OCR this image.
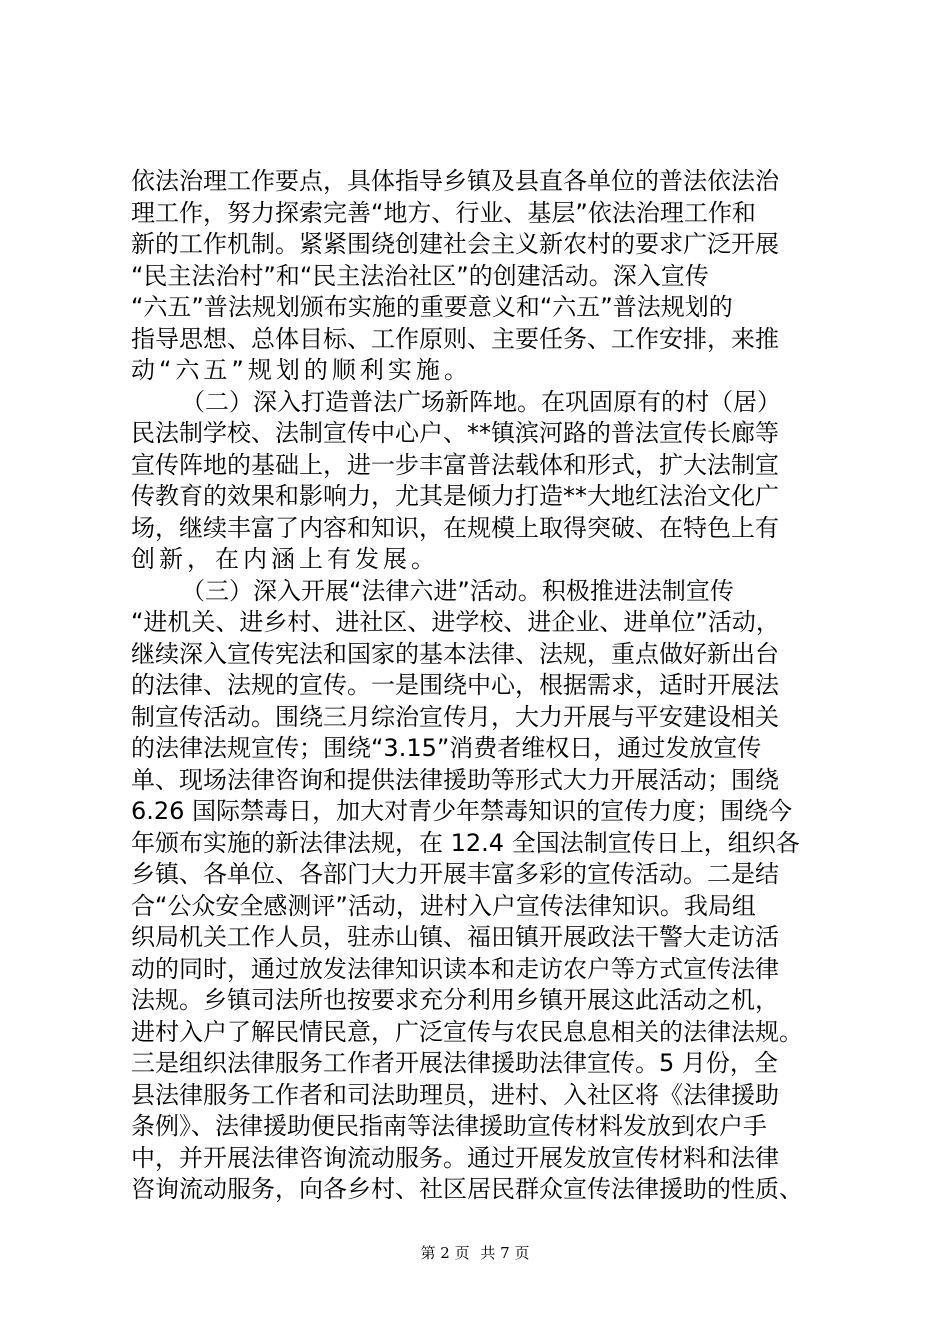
依法治理工作要点，具体指导乡镇及县直各单位的普法依法治
理工作，努力探索完善“地方、行业、基层”依法治理工作和
新的工作机制。紧紧围绕创建社会主义新农村的要求广泛开展
“民主法治村”和“民主法治社区”的创建活动。深入宣传
“六五”普法规划颁布实施的重要意义和“六五”普法规划的
指导思想、总体目标、工作原则、主要任务、工作安排，来推
动“六五”规划的顺利实施。
（二）深入打造普法广场新阵地。在巩固原有的村（居）
民法制学校、法制宣传中心户、**镇滨河路的普法宣传长廊等
宣传阵地的基础上，进一步丰富普法载体和形式，扩大法制宣
传教育的效果和影响力，尤其是倾力打造**大地红法治文化广
场，继续丰富了内容和知识，在规模上取得突破、在特色上有
创新，在内涵上有发展。
（三）深入开展“法律六进”活动。积极推进法制宣传
“进机关、进乡村、进社区、进学校、进企业、进单位”活动，
继续深入宣传宪法和国家的基本法律、法规，重点做好新出台
的法律、法规的宣传。一是围绕中心，根据需求，适时开展法
制宣传活动。围绕三月综治宣传月，大力开展与平安建设相关
的法律法规宣传；围绕“3.15”消费者维权日，通过发放宣传
单、现场法律咨询和提供法律援助等形式大力开展活动；围绕
6.26 国际禁毒日，加大对青少年禁毒知识的宣传力度；围绕今
年颁布实施的新法律法规，在 12.4 全国法制宣传日上，组织各
乡镇、各单位、各部门大力开展丰富多彩的宣传活动。二是结
合“公众安全感测评”活动，进村入户宣传法律知识。我局组
织局机关工作人员，驻赤山镇、福田镇开展政法干警大走访活
动的同时，通过放发法律知识读本和走访农户等方式宣传法律
法规。乡镇司法所也按要求充分利用乡镇开展这此活动之机，
进村入户了解民情民意，广泛宣传与农民息息相关的法律法规。
三是组织法律服务工作者开展法律援助法律宣传。5 月份，全
县法律服务工作者和司法助理员，进村、入社区将《法律援助
条例》、法律援助便民指南等法律援助宣传材料发放到农户手
中，并开展法律咨询流动服务。通过开展发放宣传材料和法律
咨询流动服务，向各乡村、社区居民群众宣传法律援助的性质、
第 2 页 共 7 页
